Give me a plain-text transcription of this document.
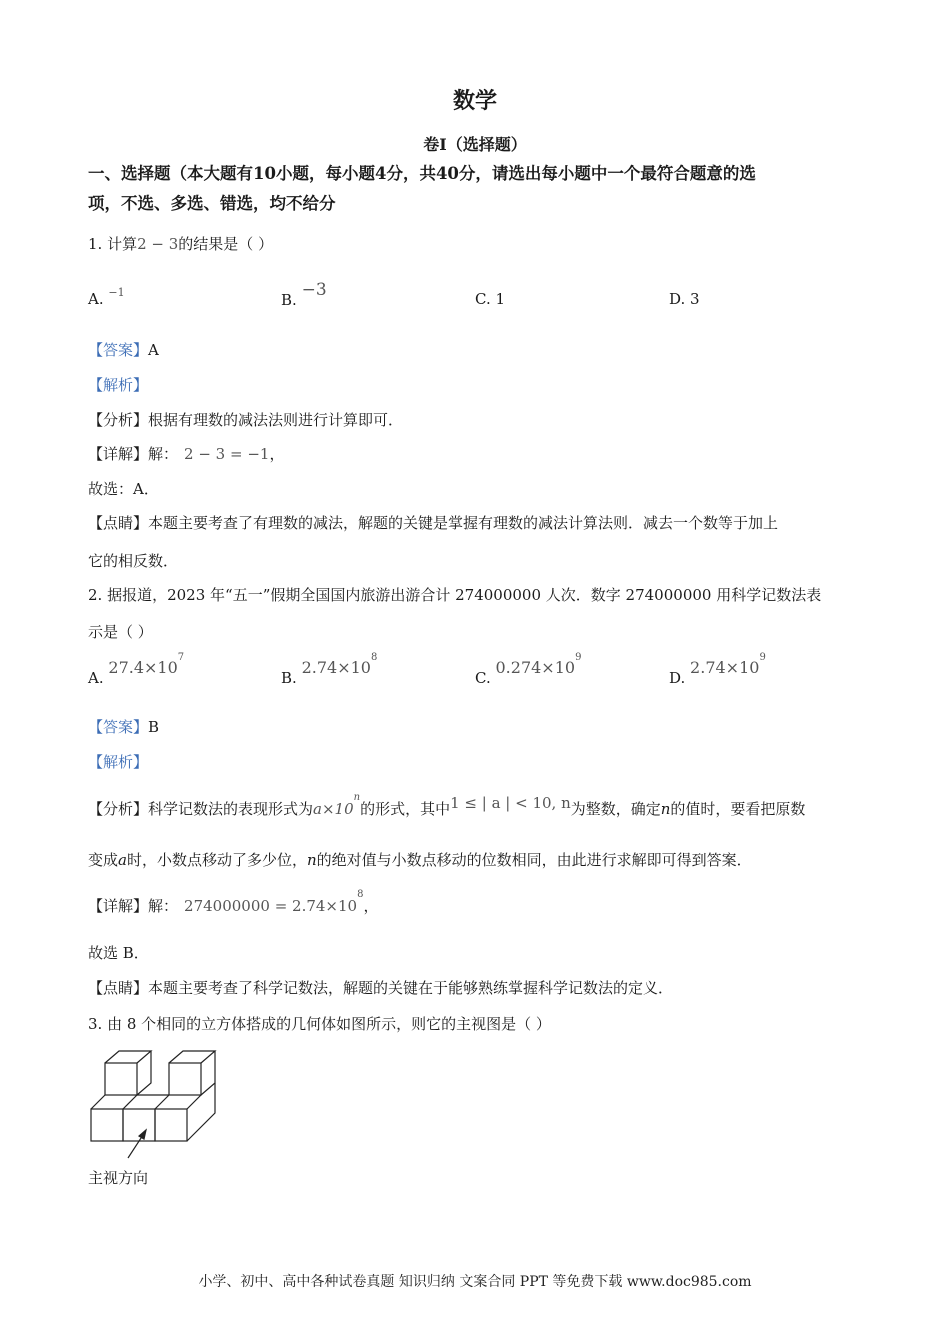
数学
卷Ⅰ（选择题）
一、选择题（本大题有10小题，每小题4分，共40分，请选出每小题中一个最符合题意的选
项，不选、多选、错选，均不给分
1. 计算2 − 3的结果是（ ）
A. $^{-1}$	B. −3	C. 1	D. 3
【答案】A
【解析】
【分析】根据有理数的减法法则进行计算即可．
【详解】解： 2 − 3 = −1，
故选：A．
【点睛】本题主要考查了有理数的减法，解题的关键是掌握有理数的减法计算法则．减去一个数等于加上
它的相反数．
2. 据报道，2023 年“五一”假期全国国内旅游出游合计 274000000 人次．数字 274000000 用科学记数法表
示是（ ）
A. $27.4\times 10^7$
B. $2.74\times 10^8$
C. $0.274\times 10^9$
D. $2.74\times 10^9$
【答案】B
【解析】
【分析】科学记数法的表现形式为$a\times 10^n$的形式，其中1 ≤ | a | < 10, n为整数，确定n的值时，要看把原数
变成a时，小数点移动了多少位，n的绝对值与小数点移动的位数相同，由此进行求解即可得到答案．
【详解】解： $274000000 = 2.74\times 10^8$，
故选 B．
【点睛】本题主要考查了科学记数法，解题的关键在于能够熟练掌握科学记数法的定义．
3. 由 8 个相同的立方体搭成的几何体如图所示，则它的主视图是（ ）
主视方向
小学、初中、高中各种试卷真题 知识归纳 文案合同 PPT 等免费下载 www.doc985.com
